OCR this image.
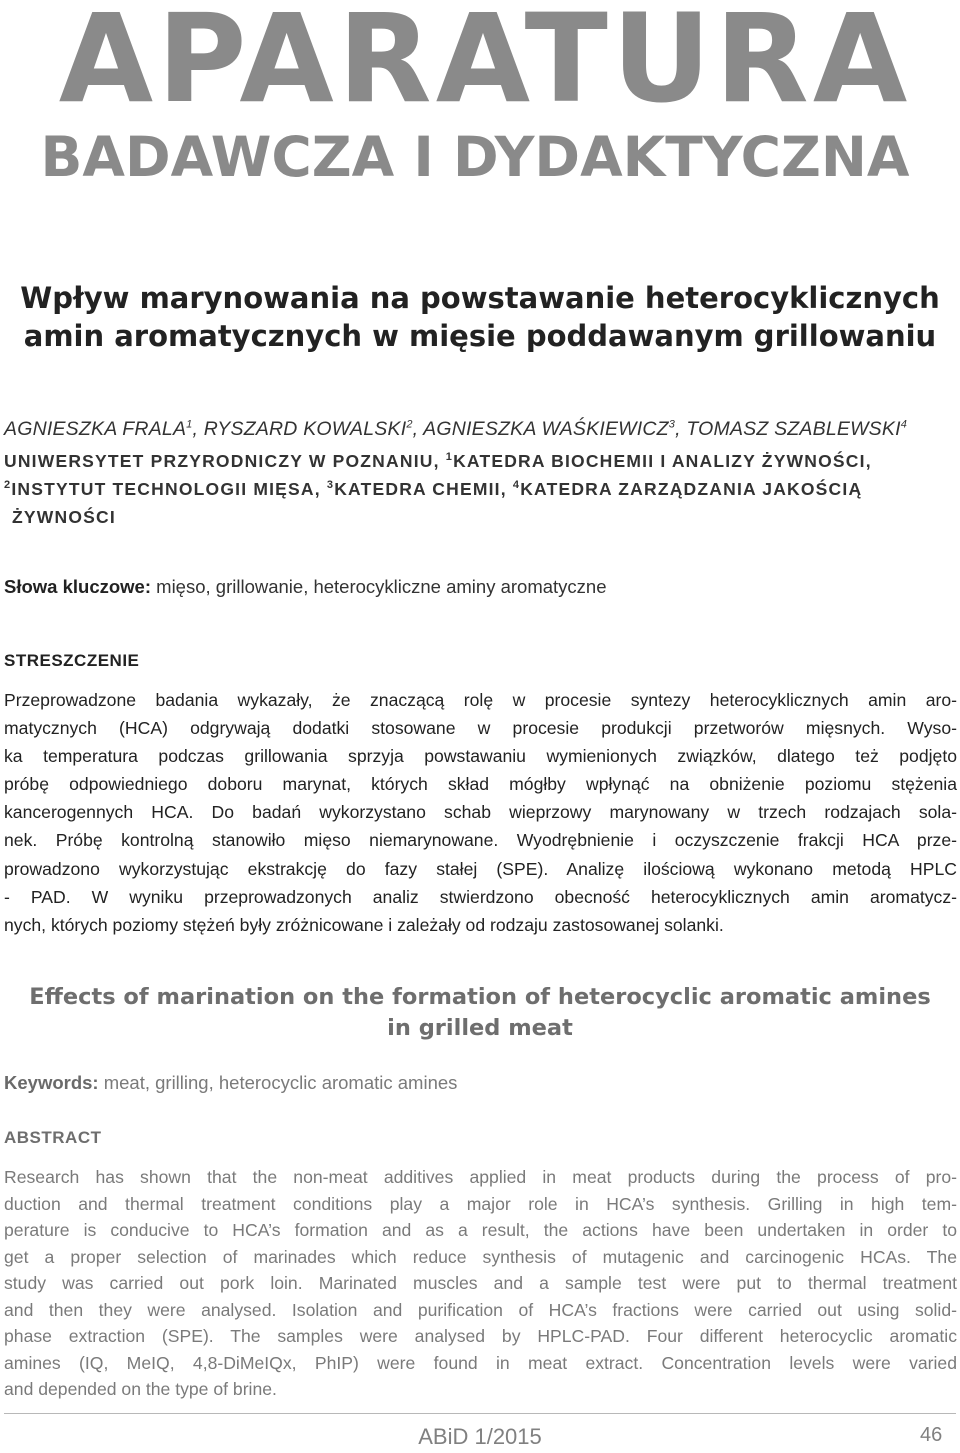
APARATURA
BADAWCZA I DYDAKTYCZNA
Wpływ marynowania na powstawanie heterocyklicznych
amin aromatycznych w mięsie poddawanym grillowaniu
AGNIESZKA FRALA$^1$, RYSZARD KOWALSKI$^2$, AGNIESZKA WAŚKIEWICZ$^3$, TOMASZ SZABLEWSKI$^4$
UNIWERSYTET PRZYRODNICZY W POZNANIU, $^1$KATEDRA BIOCHEMII I ANALIZY ŻYWNOŚCI,
$^2$INSTYTUT TECHNOLOGII MIĘSA, $^3$KATEDRA CHEMII, $^4$KATEDRA ZARZĄDZANIA JAKOŚCIĄ
ŻYWNOŚCI
Słowa kluczowe: mięso, grillowanie, heterocykliczne aminy aromatyczne
STRESZCZENIE
Przeprowadzone badania wykazały, że znaczącą rolę w procesie syntezy heterocyklicznych amin aro-
matycznych (HCA) odgrywają dodatki stosowane w procesie produkcji przetworów mięsnych. Wyso-
ka temperatura podczas grillowania sprzyja powstawaniu wymienionych związków, dlatego też podjęto
próbę odpowiedniego doboru marynat, których skład mógłby wpłynąć na obniżenie poziomu stężenia
kancerogennych HCA. Do badań wykorzystano schab wieprzowy marynowany w trzech rodzajach sola-
nek. Próbę kontrolną stanowiło mięso niemarynowane. Wyodrębnienie i oczyszczenie frakcji HCA prze-
prowadzono wykorzystując ekstrakcję do fazy stałej (SPE). Analizę ilościową wykonano metodą HPLC
- PAD. W wyniku przeprowadzonych analiz stwierdzono obecność heterocyklicznych amin aromatycz-
nych, których poziomy stężeń były zróżnicowane i zależały od rodzaju zastosowanej solanki.
Effects of marination on the formation of heterocyclic aromatic amines
in grilled meat
Keywords: meat, grilling, heterocyclic aromatic amines
ABSTRACT
Research has shown that the non-meat additives applied in meat products during the process of pro-
duction and thermal treatment conditions play a major role in HCA’s synthesis. Grilling in high tem-
perature is conducive to HCA’s formation and as a result, the actions have been undertaken in order to
get a proper selection of marinades which reduce synthesis of mutagenic and carcinogenic HCAs. The
study was carried out pork loin. Marinated muscles and a sample test were put to thermal treatment
and then they were analysed. Isolation and purification of HCA’s fractions were carried out using solid-
phase extraction (SPE). The samples were analysed by HPLC-PAD. Four different heterocyclic aromatic
amines (IQ, MeIQ, 4,8-DiMeIQx, PhIP) were found in meat extract. Concentration levels were varied
and depended on the type of brine.
ABiD 1/2015	46
